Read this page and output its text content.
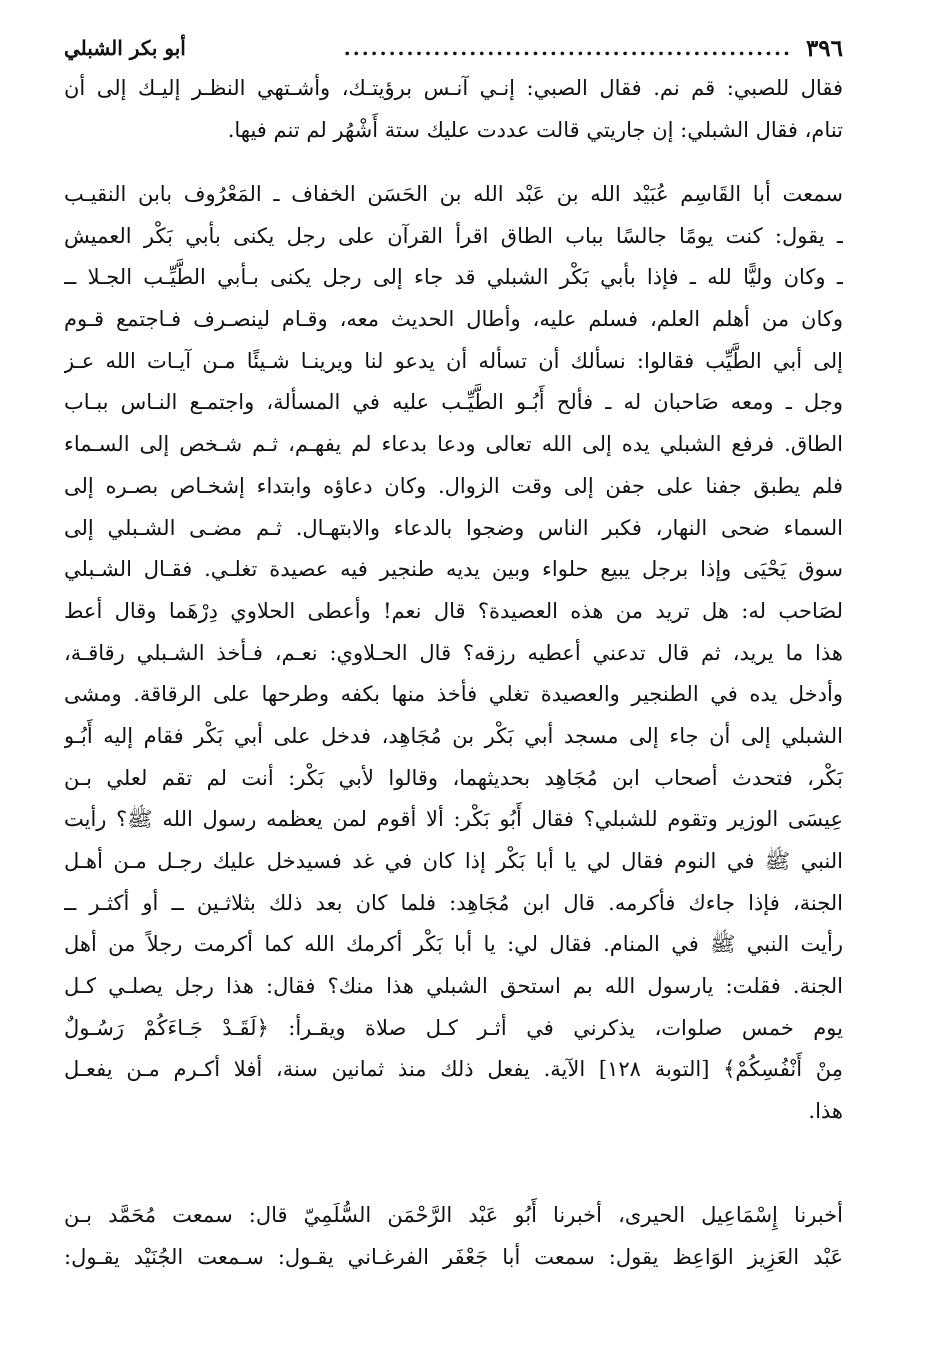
٣٩٦
..................................................
أبو بكر الشبلي
فقال للصبي: قم نم. فقال الصبي: إنـي آنـس برؤيتـك، وأشـتهي النظـر إليـك إلى أن
تنام، فقال الشبلي: إن جاريتي قالت عددت عليك ستة أَشْهُر لم تنم فيها.
سمعت أبا القَاسِم عُبَيْد الله بن عَبْد الله بن الحَسَن الخفاف ـ المَعْرُوف بابن النقيـب
ـ يقول: كنت يومًا جالسًا بباب الطاق اقرأ القرآن على رجل يكنى بأبي بَكْر العميش
ـ وكان وليًّا لله ـ فإذا بأبي بَكْر الشبلي قد جاء إلى رجل يكنى بـأبي الطَّيِّـب الجـلا ــ
وكان من أهلم العلم، فسلم عليه، وأطال الحديث معه، وقـام لينصـرف فـاجتمع قـوم
إلى أبي الطَّيِّب فقالوا: نسألك أن تسأله أن يدعو لنا ويرينـا شـيئًا مـن آيـات الله عـز
وجل ـ ومعه صَاحبان له ـ فألح أَبُـو الطَّيِّـب عليه في المسألة، واجتمـع النـاس ببـاب
الطاق. فرفع الشبلي يده إلى الله تعالى ودعا بدعاء لم يفهـم، ثـم شـخص إلى السـماء
فلم يطبق جفنا على جفن إلى وقت الزوال. وكان دعاؤه وابتداء إشخـاص بصـره إلى
السماء ضحى النهار، فكبر الناس وضجوا بالدعاء والابتهـال. ثـم مضـى الشـبلي إلى
سوق يَحْيَى وإذا برجل يبيع حلواء وبين يديه طنجير فيه عصيدة تغلـي. فقـال الشـبلي
لصَاحب له: هل تريد من هذه العصيدة؟ قال نعم! وأعطى الحلاوي دِرْهَما وقال أعط
هذا ما يريد، ثم قال تدعني أعطيه رزقه؟ قال الحـلاوي: نعـم، فـأخذ الشـبلي رقاقـة،
وأدخل يده في الطنجير والعصيدة تغلي فأخذ منها بكفه وطرحها على الرقاقة. ومشى
الشبلي إلى أن جاء إلى مسجد أبي بَكْر بن مُجَاهِد، فدخل على أبي بَكْر فقام إليه أَبُـو
بَكْر، فتحدث أصحاب ابن مُجَاهِد بحديثهما، وقالوا لأبي بَكْر: أنت لم تقم لعلي بـن
عِيسَى الوزير وتقوم للشبلي؟ فقال أَبُو بَكْر: ألا أقوم لمن يعظمه رسول الله ﷺ؟ رأيت
النبي ﷺ في النوم فقال لي يا أبا بَكْر إذا كان في غد فسيدخل عليك رجـل مـن أهـل
الجنة، فإذا جاءك فأكرمه. قال ابن مُجَاهِد: فلما كان بعد ذلك بثلاثـين ــ أو أكثـر ــ
رأيت النبي ﷺ في المنام. فقال لي: يا أبا بَكْر أكرمك الله كما أكرمت رجلاً من أهل
الجنة. فقلت: يارسول الله بم استحق الشبلي هذا منك؟ فقال: هذا رجل يصلـي كـل
يوم خمس صلوات، يذكرني في أثـر كـل صلاة ويقـرأ: ﴿لَقَـدْ جَـاءَكُمْ رَسُـولٌ
مِنْ أَنْفُسِكُمْ﴾ [التوبة ١٢٨] الآية. يفعل ذلك منذ ثمانين سنة، أفلا أكـرم مـن يفعـل
هذا.
أخبرنا إِسْمَاعِيل الحيرى، أخبرنا أَبُو عَبْد الرَّحْمَن السُّلَمِيّ قال: سمعت مُحَمَّد بـن
عَبْد العَزِيز الوَاعِظ يقول: سمعت أبا جَعْفَر الفرغـاني يقـول: سـمعت الجُنَيْد يقـول:
